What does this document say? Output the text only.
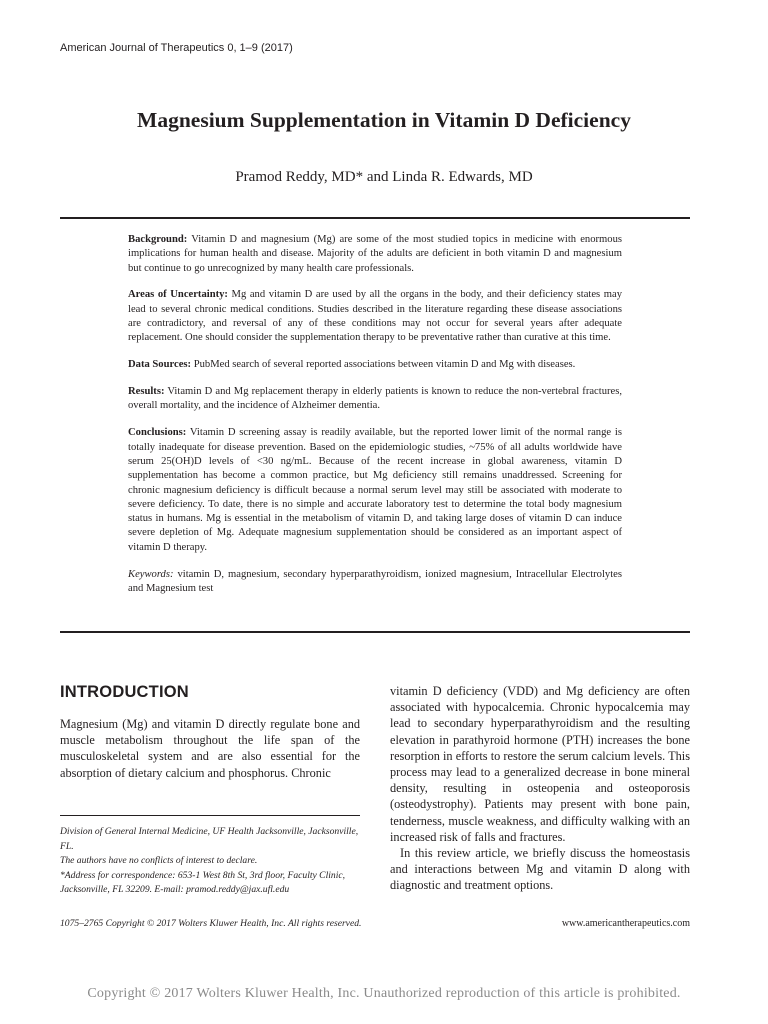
American Journal of Therapeutics 0, 1–9 (2017)
Magnesium Supplementation in Vitamin D Deficiency
Pramod Reddy, MD* and Linda R. Edwards, MD

Background: Vitamin D and magnesium (Mg) are some of the most studied topics in medicine with enormous implications for human health and disease. Majority of the adults are deficient in both vitamin D and magnesium but continue to go unrecognized by many health care professionals.

Areas of Uncertainty: Mg and vitamin D are used by all the organs in the body, and their deficiency states may lead to several chronic medical conditions. Studies described in the literature regarding these disease associations are contradictory, and reversal of any of these conditions may not occur for several years after adequate replacement. One should consider the supplementation therapy to be preventative rather than curative at this time.

Data Sources: PubMed search of several reported associations between vitamin D and Mg with diseases.

Results: Vitamin D and Mg replacement therapy in elderly patients is known to reduce the non-vertebral fractures, overall mortality, and the incidence of Alzheimer dementia.

Conclusions: Vitamin D screening assay is readily available, but the reported lower limit of the normal range is totally inadequate for disease prevention. Based on the epidemiologic studies, ~75% of all adults worldwide have serum 25(OH)D levels of <30 ng/mL. Because of the recent increase in global awareness, vitamin D supplementation has become a common practice, but Mg deficiency still remains unaddressed. Screening for chronic magnesium deficiency is difficult because a normal serum level may still be associated with moderate to severe deficiency. To date, there is no simple and accurate laboratory test to determine the total body magnesium status in humans. Mg is essential in the metabolism of vitamin D, and taking large doses of vitamin D can induce severe depletion of Mg. Adequate magnesium supplementation should be considered as an important aspect of vitamin D therapy.

Keywords: vitamin D, magnesium, secondary hyperparathyroidism, ionized magnesium, Intracellular Electrolytes and Magnesium test

INTRODUCTION

Magnesium (Mg) and vitamin D directly regulate bone and muscle metabolism throughout the life span of the musculoskeletal system and are also essential for the absorption of dietary calcium and phosphorus. Chronic

vitamin D deficiency (VDD) and Mg deficiency are often associated with hypocalcemia. Chronic hypocalcemia may lead to secondary hyperparathyroidism and the resulting elevation in parathyroid hormone (PTH) increases the bone resorption in efforts to restore the serum calcium levels. This process may lead to a generalized decrease in bone mineral density, resulting in osteopenia and osteoporosis (osteodystrophy). Patients may present with bone pain, tenderness, muscle weakness, and difficulty walking with an increased risk of falls and fractures.

In this review article, we briefly discuss the homeostasis and interactions between Mg and vitamin D along with diagnostic and treatment options.

Division of General Internal Medicine, UF Health Jacksonville, Jacksonville, FL.

The authors have no conflicts of interest to declare.

*Address for correspondence: 653-1 West 8th St, 3rd floor, Faculty Clinic, Jacksonville, FL 32209. E-mail: pramod.reddy@jax.ufl.edu

1075–2765 Copyright © 2017 Wolters Kluwer Health, Inc. All rights reserved.	www.americantherapeutics.com
Copyright © 2017 Wolters Kluwer Health, Inc. Unauthorized reproduction of this article is prohibited.
